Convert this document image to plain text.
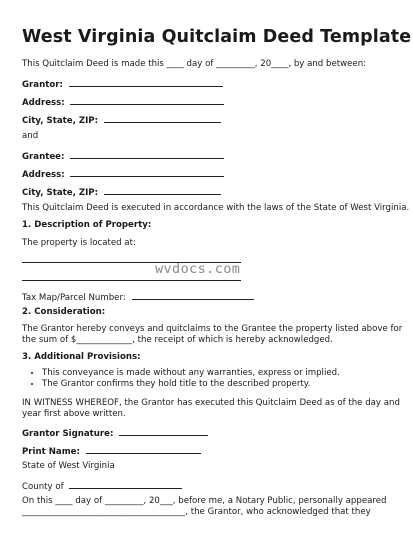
West Virginia Quitclaim Deed Template
This Quitclaim Deed is made this ____ day of _________, 20____, by and between:
Grantor:
Address:
City, State, ZIP:
and
Grantee:
Address:
City, State, ZIP:
This Quitclaim Deed is executed in accordance with the laws of the State of West Virginia.
1. Description of Property:
The property is located at:
wvdocs.com
Tax Map/Parcel Number:
2. Consideration:
The Grantor hereby conveys and quitclaims to the Grantee the property listed above for
the sum of $_____________, the receipt of which is hereby acknowledged.
3. Additional Provisions:
• This conveyance is made without any warranties, express or implied.
• The Grantor confirms they hold title to the described property.
IN WITNESS WHEREOF, the Grantor has executed this Quitclaim Deed as of the day and
year first above written.
Grantor Signature:
Print Name:
State of West Virginia
County of
On this ____ day of _________, 20___, before me, a Notary Public, personally appeared
______________________________________, the Grantor, who acknowledged that they
